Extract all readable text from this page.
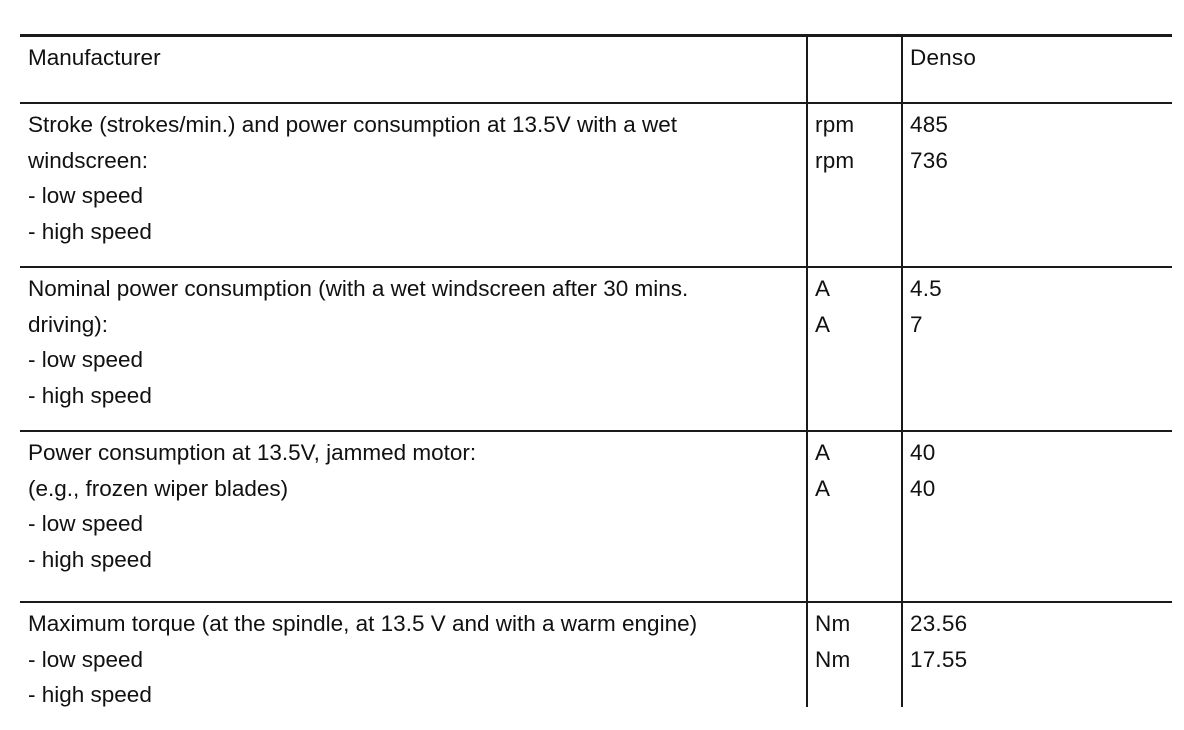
Manufacturer	Denso
Stroke (strokes/min.) and power consumption at 13.5V with a wet
windscreen:
- low speed
- high speed
rpm
rpm
485
736
Nominal power consumption (with a wet windscreen after 30 mins.
driving):
- low speed
- high speed
A
A
4.5
7
Power consumption at 13.5V, jammed motor:
(e.g., frozen wiper blades)
- low speed
- high speed
A
A
40
40
Maximum torque (at the spindle, at 13.5 V and with a warm engine)
- low speed
- high speed
Nm
Nm
23.56
17.55
